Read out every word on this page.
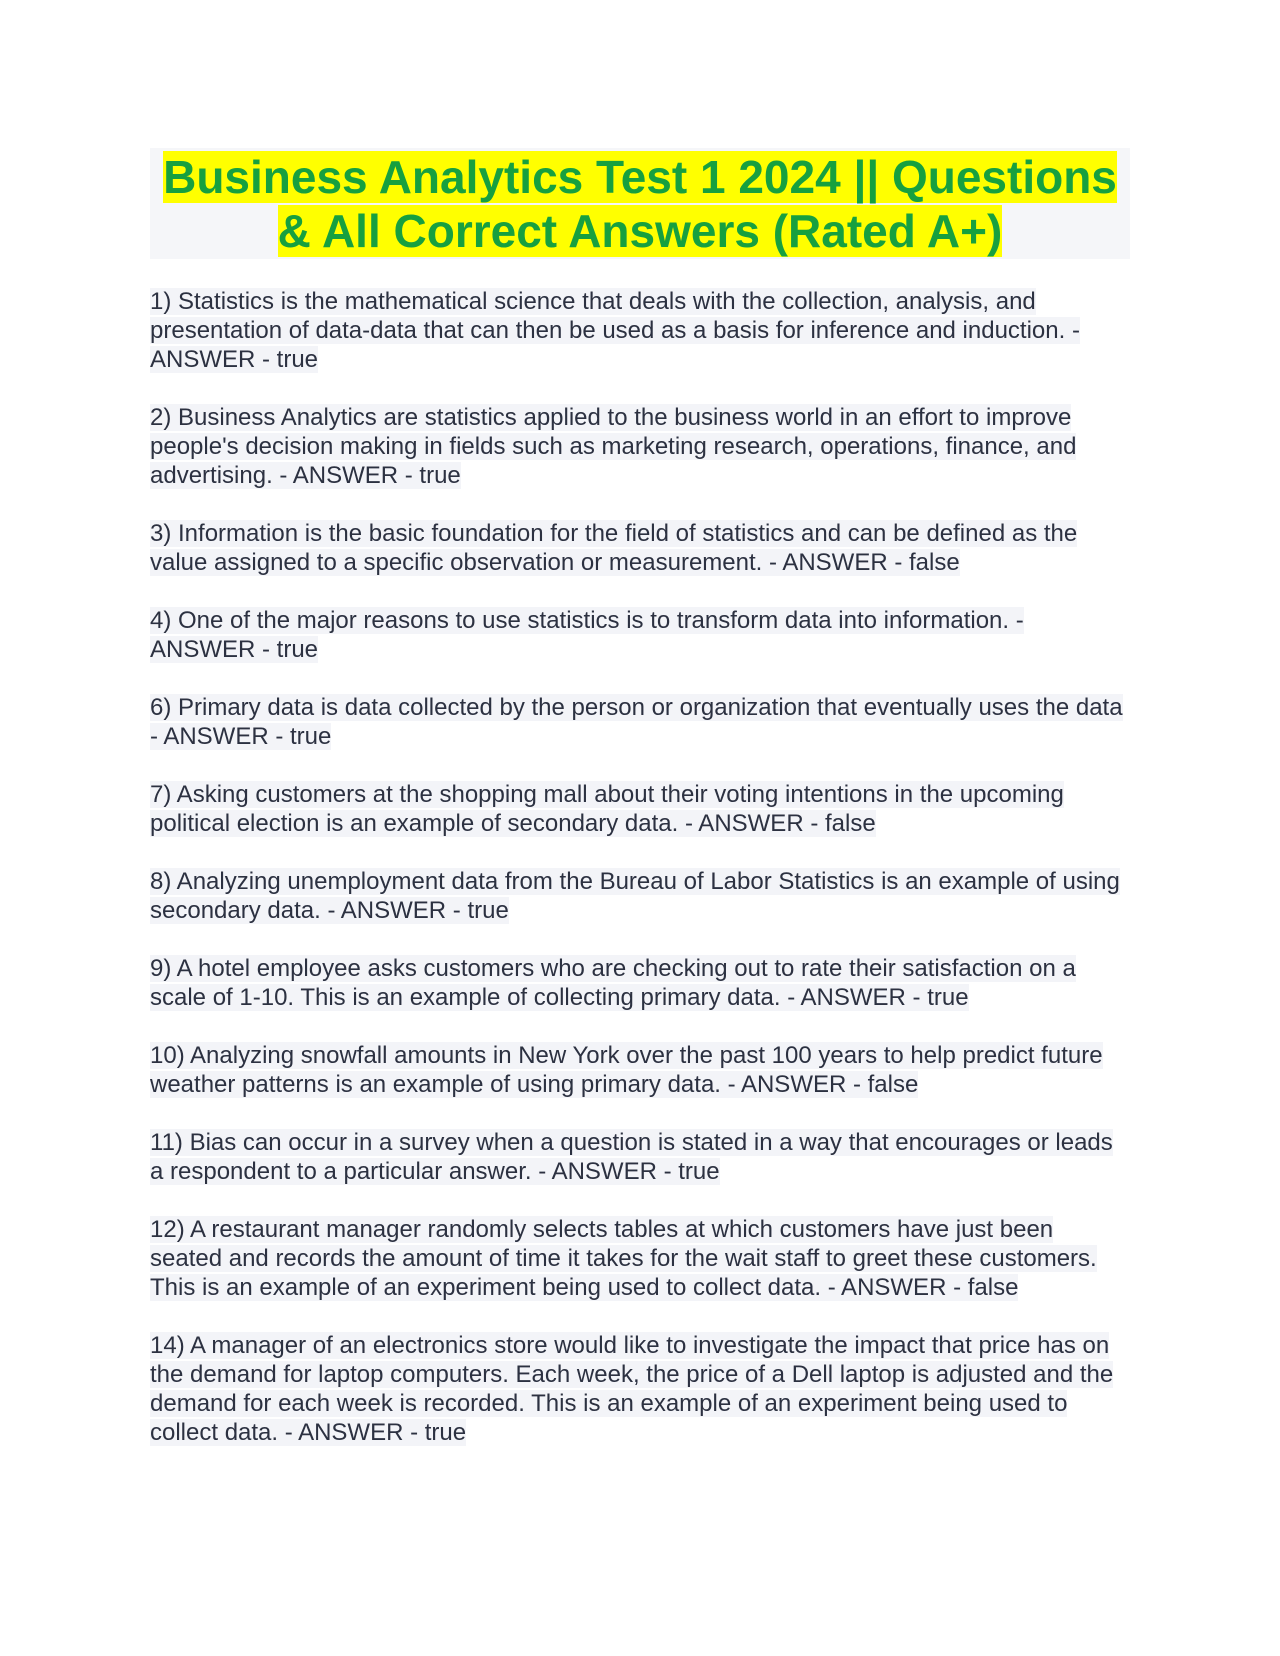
Business Analytics Test 1 2024 || Questions & All Correct Answers (Rated A+)
1) Statistics is the mathematical science that deals with the collection, analysis, and presentation of data-data that can then be used as a basis for inference and induction. - ANSWER - true
2) Business Analytics are statistics applied to the business world in an effort to improve people's decision making in fields such as marketing research, operations, finance, and advertising. - ANSWER - true
3) Information is the basic foundation for the field of statistics and can be defined as the value assigned to a specific observation or measurement. - ANSWER - false
4) One of the major reasons to use statistics is to transform data into information. - ANSWER - true
6) Primary data is data collected by the person or organization that eventually uses the data - ANSWER - true
7) Asking customers at the shopping mall about their voting intentions in the upcoming political election is an example of secondary data. - ANSWER - false
8) Analyzing unemployment data from the Bureau of Labor Statistics is an example of using secondary data. - ANSWER - true
9) A hotel employee asks customers who are checking out to rate their satisfaction on a scale of 1-10. This is an example of collecting primary data. - ANSWER - true
10) Analyzing snowfall amounts in New York over the past 100 years to help predict future weather patterns is an example of using primary data. - ANSWER - false
11) Bias can occur in a survey when a question is stated in a way that encourages or leads a respondent to a particular answer. - ANSWER - true
12) A restaurant manager randomly selects tables at which customers have just been seated and records the amount of time it takes for the wait staff to greet these customers. This is an example of an experiment being used to collect data. - ANSWER - false
14) A manager of an electronics store would like to investigate the impact that price has on the demand for laptop computers. Each week, the price of a Dell laptop is adjusted and the demand for each week is recorded. This is an example of an experiment being used to collect data. - ANSWER - true
